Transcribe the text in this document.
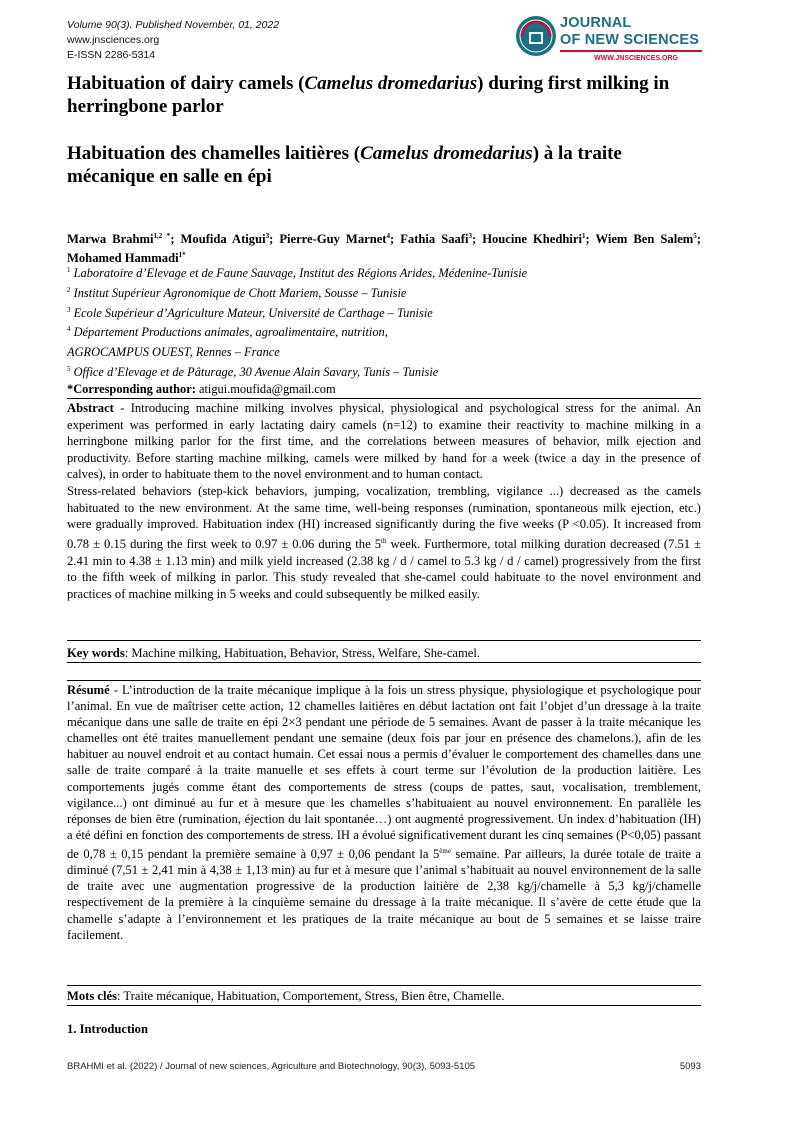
Volume 90(3). Published November, 01, 2022
www.jnsciences.org
E-ISSN 2286-5314
JOURNAL
OF NEW SCIENCES
WWW.JNSCIENCES.ORG
Habituation of dairy camels (Camelus dromedarius) during first milking in herringbone parlor
Habituation des chamelles laitières (Camelus dromedarius) à la traite mécanique en salle en épi
Marwa Brahmi$^{1,2 *}$; Moufida Atigui$^3$; Pierre-Guy Marnet$^4$; Fathia Saafi$^3$; Houcine Khedhiri$^1$; Wiem Ben Salem$^5$; Mohamed Hammadi$^{1*}$
$^1$ Laboratoire d’Elevage et de Faune Sauvage, Institut des Régions Arides, Médenine-Tunisie
$^2$ Institut Supérieur Agronomique de Chott Mariem, Sousse – Tunisie
$^3$ Ecole Supérieur d’Agriculture Mateur, Université de Carthage – Tunisie
$^4$ Département Productions animales, agroalimentaire, nutrition,
AGROCAMPUS OUEST, Rennes – France
$^5$ Office d’Elevage et de Pâturage, 30 Avenue Alain Savary, Tunis – Tunisie
*Corresponding author: atigui.moufida@gmail.com

Abstract - Introducing machine milking involves physical, physiological and psychological stress for the animal. An experiment was performed in early lactating dairy camels (n=12) to examine their reactivity to machine milking in a herringbone milking parlor for the first time, and the correlations between measures of behavior, milk ejection and productivity. Before starting machine milking, camels were milked by hand for a week (twice a day in the presence of calves), in order to habituate them to the novel environment and to human contact.

Stress-related behaviors (step-kick behaviors, jumping, vocalization, trembling, vigilance ...) decreased as the camels habituated to the new environment. At the same time, well-being responses (rumination, spontaneous milk ejection, etc.) were gradually improved. Habituation index (HI) increased significantly during the five weeks (P <0.05). It increased from 0.78 ± 0.15 during the first week to 0.97 ± 0.06 during the 5th week. Furthermore, total milking duration decreased (7.51 ± 2.41 min to 4.38 ± 1.13 min) and milk yield increased (2.38 kg / d / camel to 5.3 kg / d / camel) progressively from the first to the fifth week of milking in parlor. This study revealed that she-camel could habituate to the novel environment and practices of machine milking in 5 weeks and could subsequently be milked easily.

Key words: Machine milking, Habituation, Behavior, Stress, Welfare, She-camel.

Résumé - L’introduction de la traite mécanique implique à la fois un stress physique, physiologique et psychologique pour l’animal. En vue de maîtriser cette action, 12 chamelles laitières en début lactation ont fait l’objet d’un dressage à la traite mécanique dans une salle de traite en épi 2×3 pendant une période de 5 semaines. Avant de passer à la traite mécanique les chamelles ont été traites manuellement pendant une semaine (deux fois par jour en présence des chamelons.), afin de les habituer au nouvel endroit et au contact humain. Cet essai nous a permis d’évaluer le comportement des chamelles dans une salle de traite comparé à la traite manuelle et ses effets à court terme sur l’évolution de la production laitière. Les comportements jugés comme étant des comportements de stress (coups de pattes, saut, vocalisation, tremblement, vigilance...) ont diminué au fur et à mesure que les chamelles s’habituaient au nouvel environnement. En parallèle les réponses de bien être (rumination, éjection du lait spontanée…) ont augmenté progressivement. Un index d’habituation (IH) a été défini en fonction des comportements de stress. IH a évolué significativement durant les cinq semaines (P<0,05) passant de 0,78 ± 0,15 pendant la première semaine à 0,97 ± 0,06 pendant la 5ème semaine. Par ailleurs, la durée totale de traite a diminué (7,51 ± 2,41 min à 4,38 ± 1,13 min) au fur et à mesure que l’animal s’habituait au nouvel environnement de la salle de traite avec une augmentation progressive de la production laitière de 2,38 kg/j/chamelle à 5,3 kg/j/chamelle respectivement de la première à la cinquième semaine du dressage à la traite mécanique. Il s’avère de cette étude que la chamelle s’adapte à l’environnement et les pratiques de la traite mécanique au bout de 5 semaines et se laisse traire facilement.

Mots clés: Traite mécanique, Habituation, Comportement, Stress, Bien être, Chamelle.
1. Introduction
BRAHMI et al. (2022) / Journal of new sciences, Agriculture and Biotechnology, 90(3), 5093-5105	5093
